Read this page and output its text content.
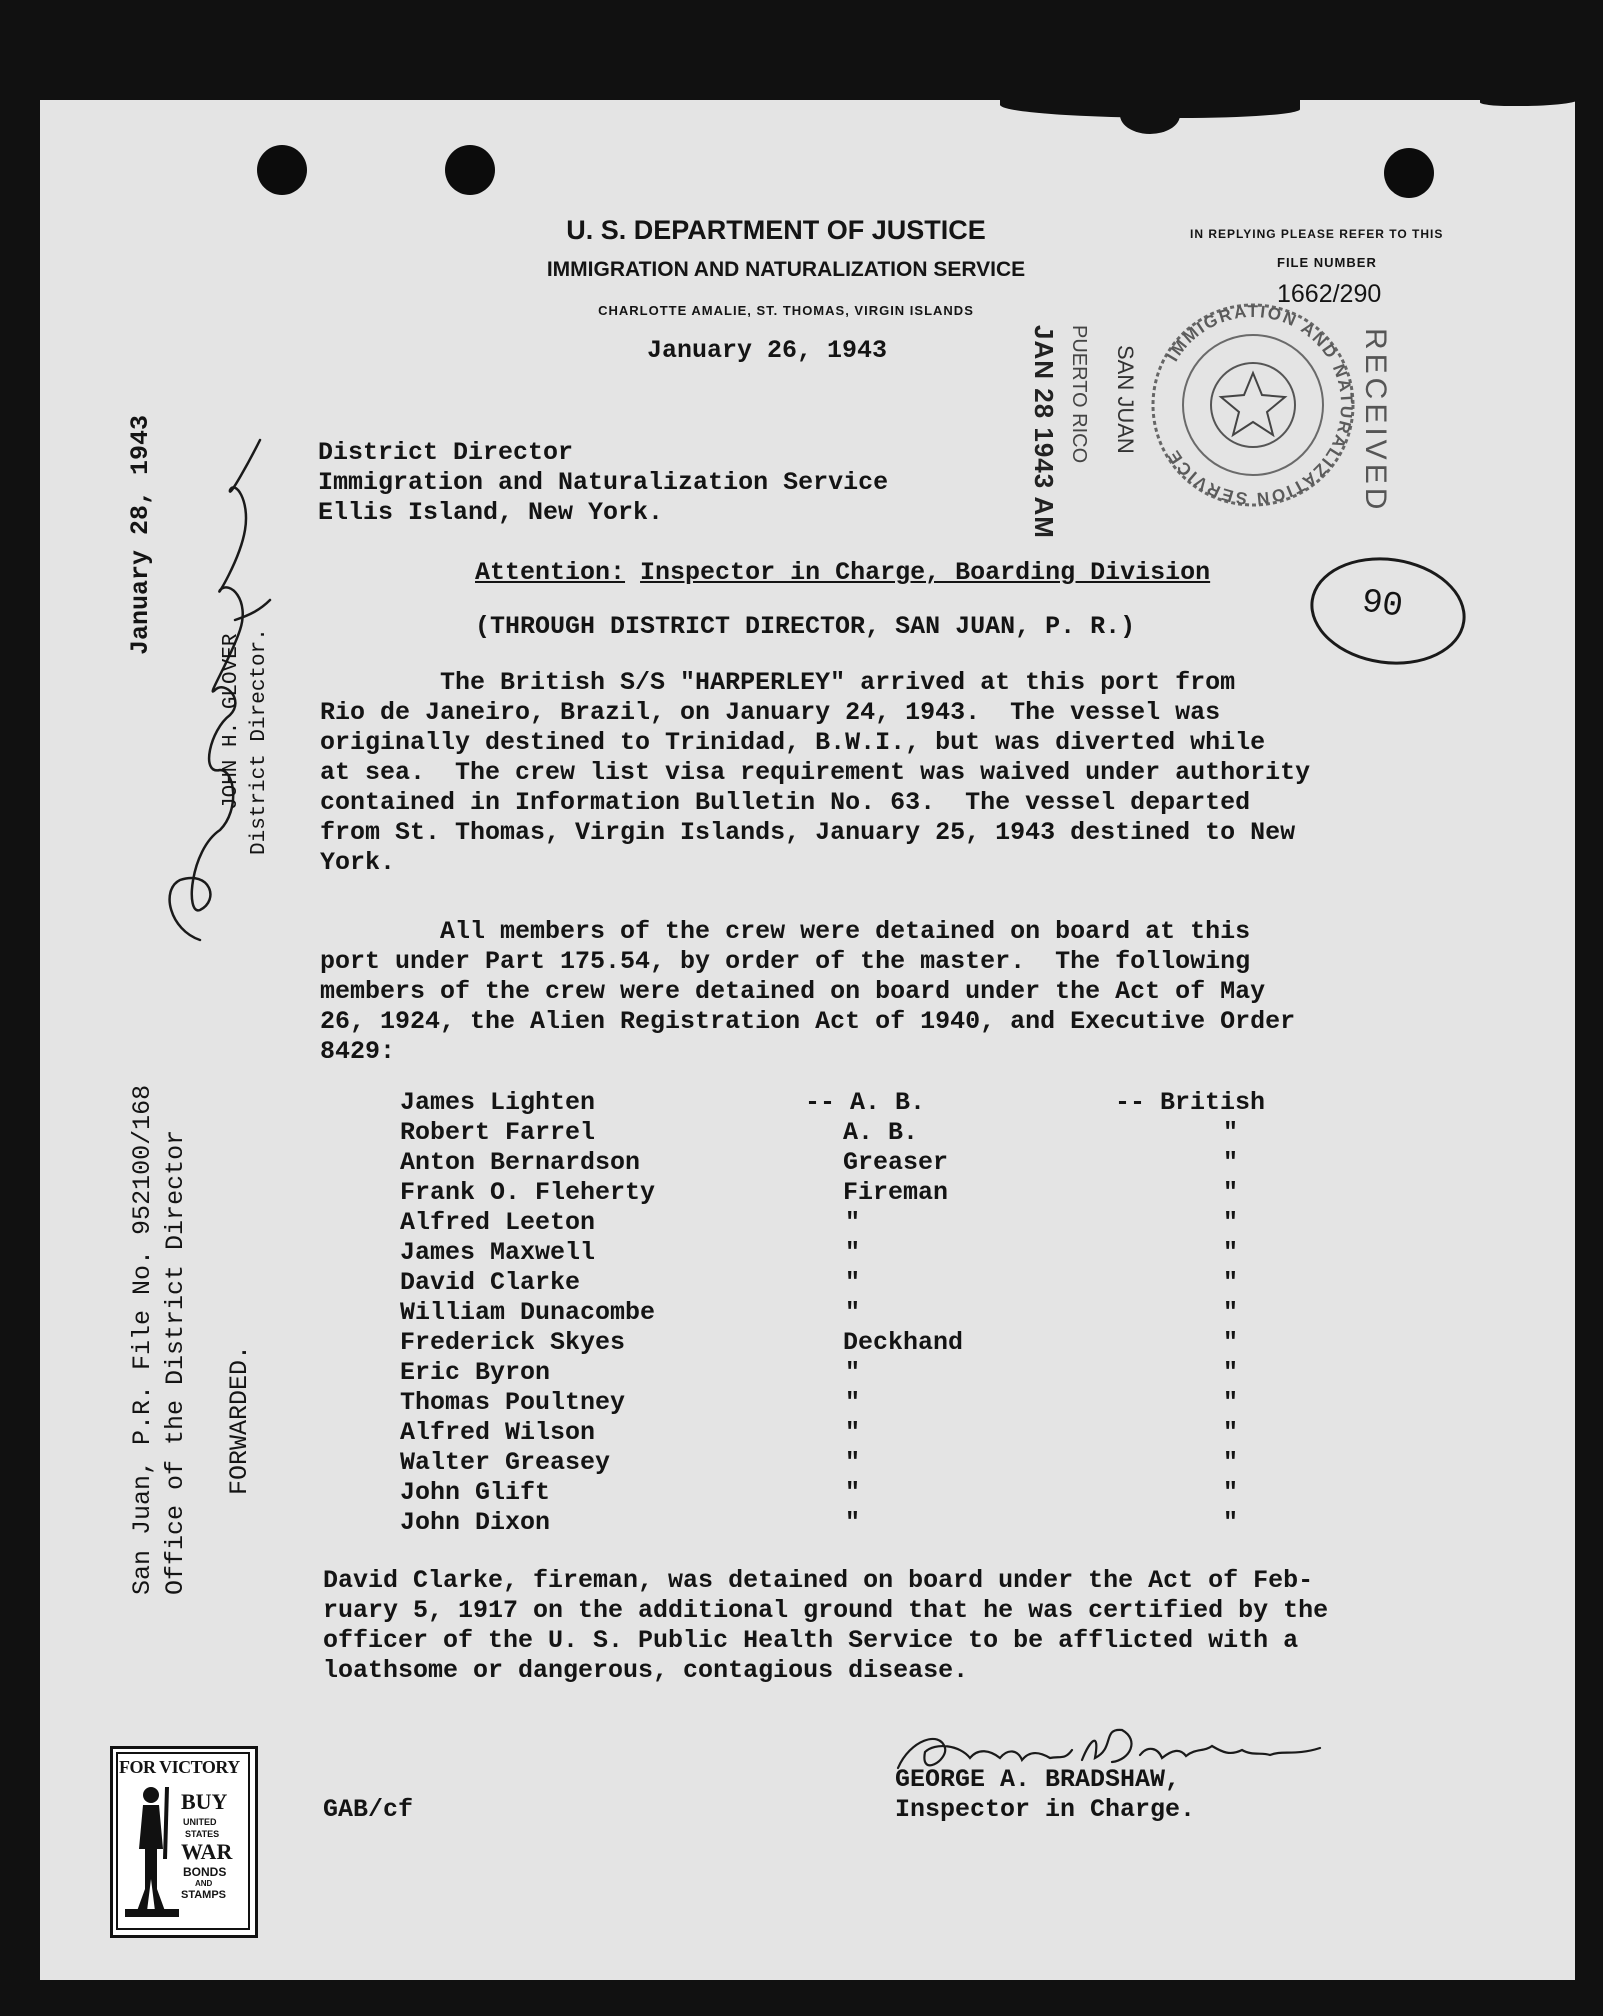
U. S. DEPARTMENT OF JUSTICE
IMMIGRATION AND NATURALIZATION SERVICE
CHARLOTTE AMALIE, ST. THOMAS, VIRGIN ISLANDS
IN REPLYING PLEASE REFER TO THIS
FILE NUMBER
1662/290
January 26, 1943	JAN 28 1943 AM PUERTO RICO SAN JUAN IMMIGRATION AND NATURALIZATION SERVICE	RECEIVED
District Director
Immigration and Naturalization Service
Ellis Island, New York.
Attention: Inspector in Charge, Boarding Division
90
(THROUGH DISTRICT DIRECTOR, SAN JUAN, P. R.)
The British S/S "HARPERLEY" arrived at this port from
Rio de Janeiro, Brazil, on January 24, 1943.  The vessel was
originally destined to Trinidad, B.W.I., but was diverted while
at sea.  The crew list visa requirement was waived under authority
contained in Information Bulletin No. 63.  The vessel departed
from St. Thomas, Virgin Islands, January 25, 1943 destined to New
York.
All members of the crew were detained on board at this
port under Part 175.54, by order of the master.  The following
members of the crew were detained on board under the Act of May
26, 1924, the Alien Registration Act of 1940, and Executive Order
8429:
James Lighten	-- A. B.	-- British
Robert Farrel	A. B.	"
Anton Bernardson	Greaser	"
Frank O. Fleherty	Fireman	"
Alfred Leeton	"	"
James Maxwell	"	"
David Clarke	"	"
William Dunacombe	"	"
Frederick Skyes	Deckhand	"
Eric Byron	"	"
Thomas Poultney	"	"
Alfred Wilson	"	"
Walter Greasey	"	"
John Glift	"	"
John Dixon	"	"
David Clarke, fireman, was detained on board under the Act of Feb-
ruary 5, 1917 on the additional ground that he was certified by the
officer of the U. S. Public Health Service to be afflicted with a
loathsome or dangerous, contagious disease.
GEORGE A. BRADSHAW,
Inspector in Charge.
GAB/cf
January 28, 1943
JOHN H. GLOVER District Director.
San Juan, P.R. File No. 952100/168 Office of the District Director FORWARDED.
FOR VICTORY
BUY
UNITED
STATES
WAR
BONDS
AND
STAMPS
